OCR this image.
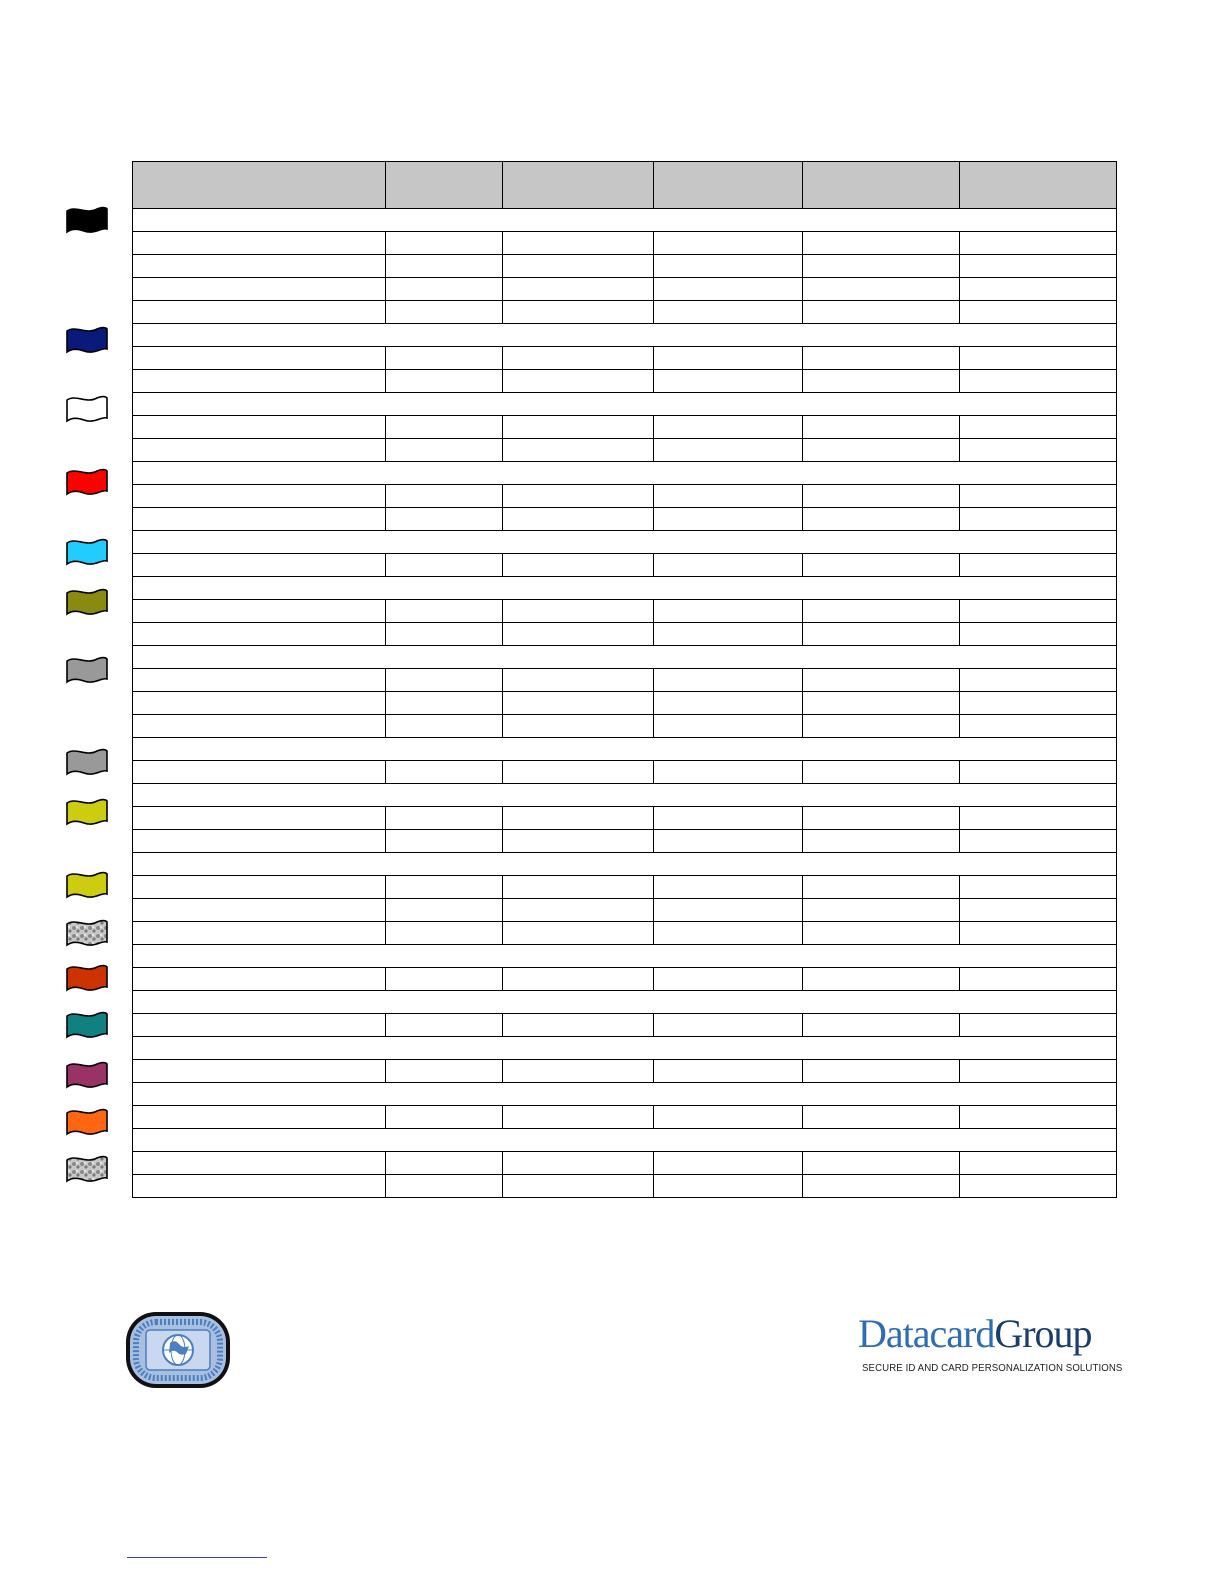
DatacardGroup
SECURE ID AND CARD PERSONALIZATION SOLUTIONS
